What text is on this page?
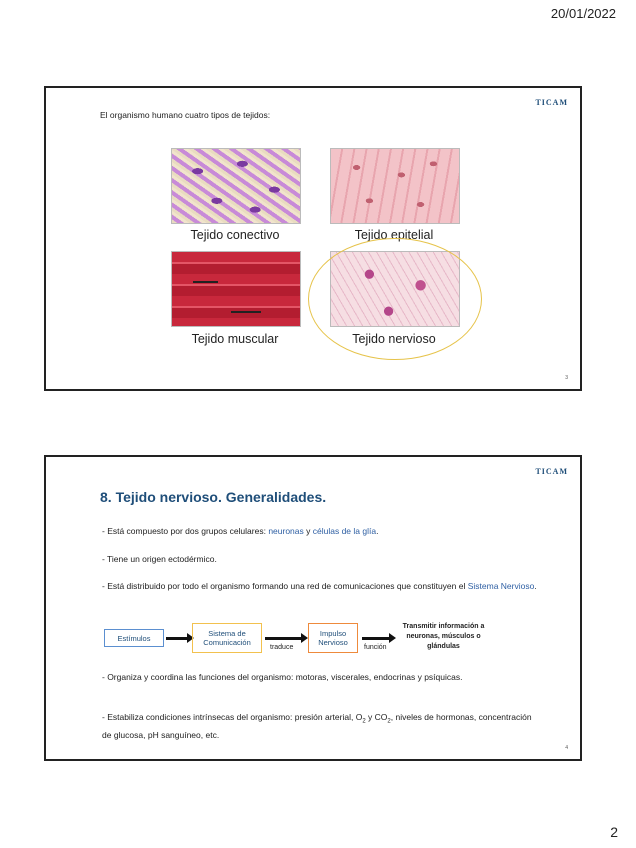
20/01/2022
TICAM
El organismo humano cuatro tipos de tejidos:
Tejido conectivo	Tejido epitelial
Tejido muscular	Tejido nervioso
3
TICAM
8. Tejido nervioso. Generalidades.
- Está compuesto por dos grupos celulares: neuronas y células de la glía.
- Tiene un origen ectodérmico.
- Está distribuido por todo el organismo formando una red de comunicaciones que constituyen el Sistema Nervioso.
Estímulos	Sistema de Comunicación
traduce
Impulso Nervioso
función
Transmitir información a neuronas, músculos o glándulas
- Organiza y coordina las funciones del organismo: motoras, viscerales, endocrinas y psíquicas.
- Estabiliza condiciones intrínsecas del organismo: presión arterial, $O_2$ y $CO_2$, niveles de hormonas, concentración de glucosa, pH sanguíneo, etc.
4
2
